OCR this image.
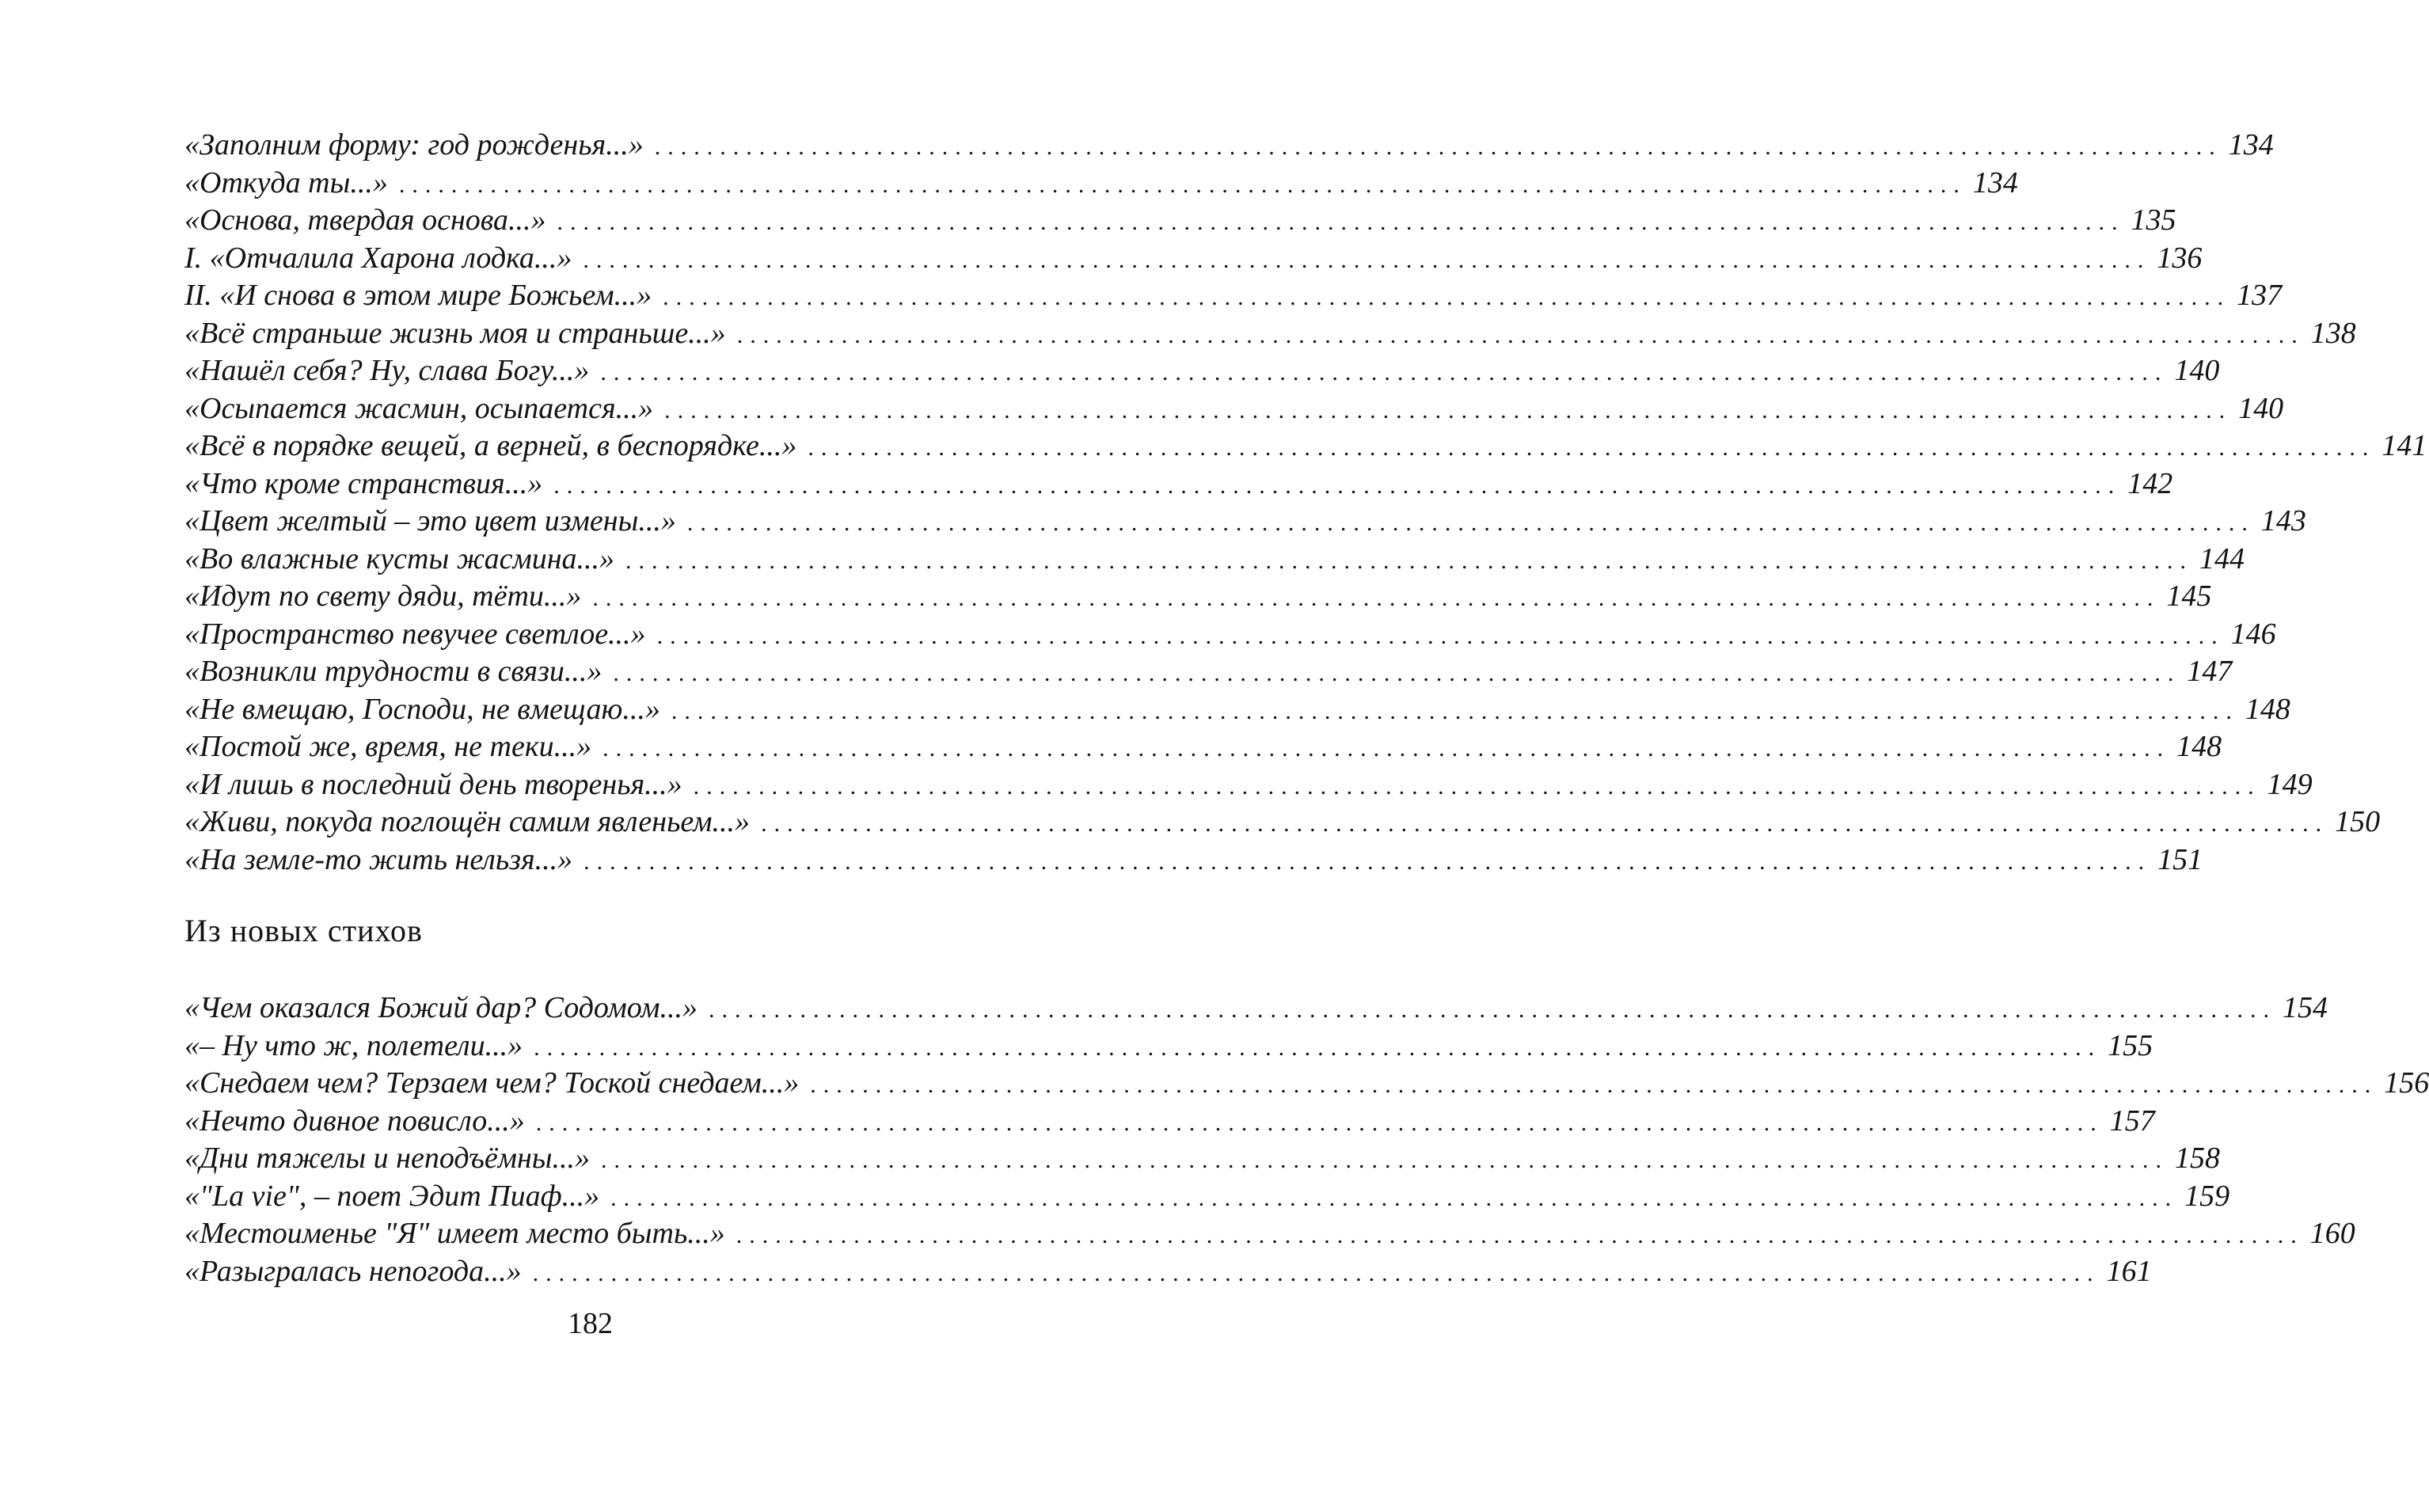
«Заполним форму: год рожденья...» ........................................................................................................................ 134
«Откуда ты...» ........................................................................................................................ 134
«Основа, твердая основа...» ........................................................................................................................ 135
I. «Отчалила Харона лодка...» ........................................................................................................................ 136
II. «И снова в этом мире Божьем...» ........................................................................................................................ 137
«Всё страньше жизнь моя и страньше...» ........................................................................................................................ 138
«Нашёл себя? Ну, слава Богу...» ........................................................................................................................ 140
«Осыпается жасмин, осыпается...» ........................................................................................................................ 140
«Всё в порядке вещей, а верней, в беспорядке...» ........................................................................................................................ 141
«Что кроме странствия...» ........................................................................................................................ 142
«Цвет желтый – это цвет измены...» ........................................................................................................................ 143
«Во влажные кусты жасмина...» ........................................................................................................................ 144
«Идут по свету дяди, тёти...» ........................................................................................................................ 145
«Пространство певучее светлое...» ........................................................................................................................ 146
«Возникли трудности в связи...» ........................................................................................................................ 147
«Не вмещаю, Господи, не вмещаю...» ........................................................................................................................ 148
«Постой же, время, не теки...» ........................................................................................................................ 148
«И лишь в последний день творенья...» ........................................................................................................................ 149
«Живи, покуда поглощён самим явленьем...» ........................................................................................................................ 150
«На земле-то жить нельзя...» ........................................................................................................................ 151
Из новых стихов
«Чем оказался Божий дар? Содомом...» ........................................................................................................................ 154
«– Ну что ж, полетели...» ........................................................................................................................ 155
«Снедаем чем? Терзаем чем? Тоской снедаем...» ........................................................................................................................ 156
«Нечто дивное повисло...» ........................................................................................................................ 157
«Дни тяжелы и неподъёмны...» ........................................................................................................................ 158
«"La vie", – поет Эдит Пиаф...» ........................................................................................................................ 159
«Местоименье "Я" имеет место быть...» ........................................................................................................................ 160
«Разыгралась непогода...» ........................................................................................................................ 161
182
